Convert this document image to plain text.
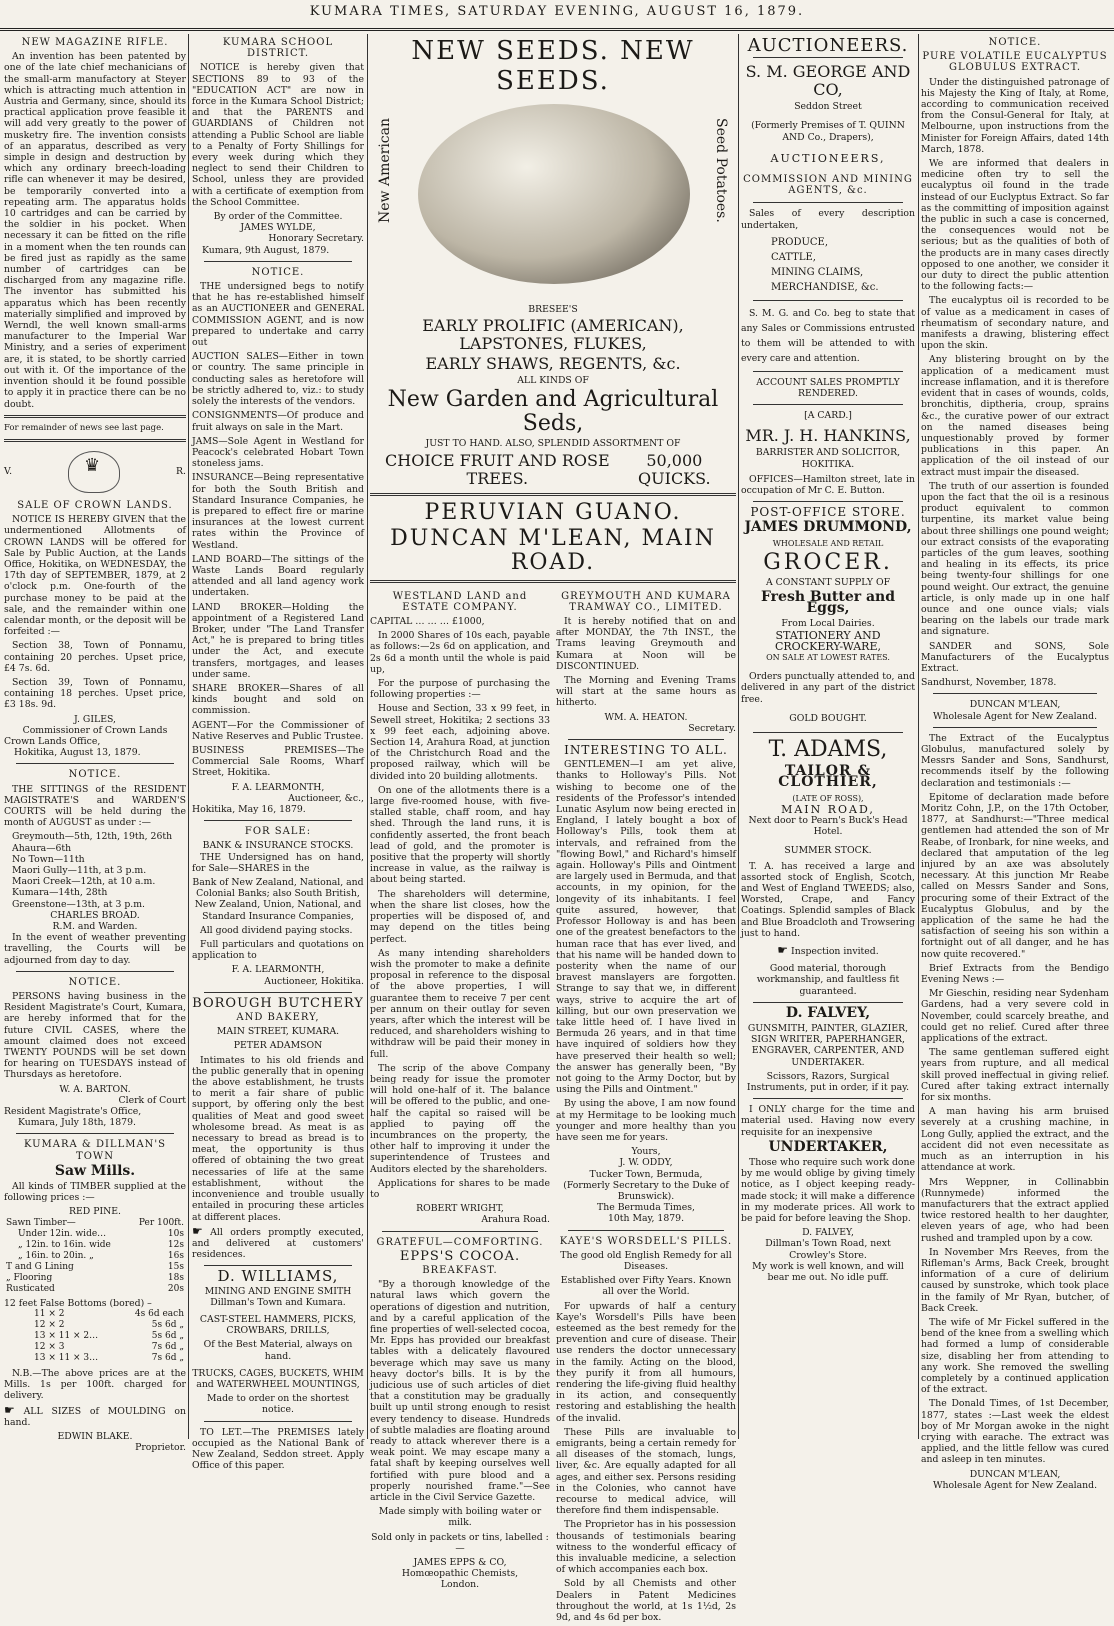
KUMARA TIMES, SATURDAY EVENING, AUGUST 16, 1879.
NEW MAGAZINE RIFLE.

An invention has been patented by one of the late chief mechanicians of the small-arm manufactory at Steyer which is attracting much attention in Austria and Germany, since, should its practical application prove feasible it will add very greatly to the power of musketry fire. The invention consists of an apparatus, described as very simple in design and destruction by which any ordinary breech-loading rifle can whenever it may be desired, be temporarily converted into a repeating arm. The apparatus holds 10 cartridges and can be carried by the soldier in his pocket. When necessary it can be fitted on the rifle in a moment when the ten rounds can be fired just as rapidly as the same number of cartridges can be discharged from any magazine rifle. The inventor has submitted his apparatus which has been recently materially simplified and improved by Werndl, the well known small-arms manufacturer to the Imperial War Ministry, and a series of experiment are, it is stated, to be shortly carried out with it. Of the importance of the invention should it be found possible to apply it in practice there can be no doubt.

For remainder of news see last page.

V. ♛	R.
SALE OF CROWN LANDS.

NOTICE IS HEREBY GIVEN that the undermentioned Allotments of CROWN LANDS will be offered for Sale by Public Auction, at the Lands Office, Hokitika, on WEDNESDAY, the 17th day of SEPTEMBER, 1879, at 2 o'clock p.m. One-fourth of the purchase money to be paid at the sale, and the remainder within one calendar month, or the deposit will be forfeited :—

Section 38, Town of Ponnamu, containing 20 perches. Upset price, £4 7s. 6d.

Section 39, Town of Ponnamu, containing 18 perches. Upset price, £3 18s. 9d.

J. GILES,
Commissioner of Crown Lands
Crown Lands Office,
Hokitika, August 13, 1879.
NOTICE.

THE SITTINGS of the RESIDENT MAGISTRATE'S and WARDEN'S COURTS will be held during the month of AUGUST as under :—

Greymouth—5th, 12th, 19th, 26th
Ahaura—6th
No Town—11th
Maori Gully—11th, at 3 p.m.
Maori Creek—12th, at 10 a.m.
Kumara—14th, 28th
Greenstone—13th, at 3 p.m.
CHARLES BROAD.
R.M. and Warden.

In the event of weather preventing travelling, the Courts will be adjourned from day to day.

NOTICE.

PERSONS having business in the Resident Magistrate's Court, Kumara, are hereby informed that for the future CIVIL CASES, where the amount claimed does not exceed TWENTY POUNDS will be set down for hearing on TUESDAYS instead of Thursdays as heretofore.

W. A. BARTON.
Clerk of Court
Resident Magistrate's Office,
Kumara, July 18th, 1879.
KUMARA & DILLMAN'S TOWN
Saw Mills.

All kinds of TIMBER supplied at the following prices :—

RED PINE.
Sawn Timber—	Per 100ft.
Under 12in. wide…	10s
„ 12in. to 16in. wide	12s
„ 16in. to 20in. „	16s
T and G Lining	15s
„ Flooring	18s
Rusticated	20s
12 feet False Bottoms (bored) –
11 × 2	4s 6d each
12 × 2	5s 6d „
13 × 11 × 2…	5s 6d „
12 × 3	7s 6d „
13 × 11 × 3…	7s 6d „

N.B.—The above prices are at the Mills. 1s per 100ft. charged for delivery.

☛ ALL SIZES of MOULDING on hand.

EDWIN BLAKE.
Proprietor.
KUMARA SCHOOL DISTRICT.

NOTICE is hereby given that SECTIONS 89 to 93 of the "EDUCATION ACT" are now in force in the Kumara School District; and that the PARENTS and GUARDIANS of Children not attending a Public School are liable to a Penalty of Forty Shillings for every week during which they neglect to send their Children to School, unless they are provided with a certificate of exemption from the School Committee.

By order of the Committee.
JAMES WYLDE,
Honorary Secretary.
Kumara, 9th August, 1879.
NOTICE.

THE undersigned begs to notify that he has re-established himself as an AUCTIONEER and GENERAL COMMISSION AGENT, and is now prepared to undertake and carry out

AUCTION SALES—Either in town or country. The same principle in conducting sales as heretofore will be strictly adhered to, viz.: to study solely the interests of the vendors.

CONSIGNMENTS—Of produce and fruit always on sale in the Mart.

JAMS—Sole Agent in Westland for Peacock's celebrated Hobart Town stoneless jams.

INSURANCE—Being representative for both the South British and Standard Insurance Companies, he is prepared to effect fire or marine insurances at the lowest current rates within the Province of Westland.

LAND BOARD—The sittings of the Waste Lands Board regularly attended and all land agency work undertaken.

LAND BROKER—Holding the appointment of a Registered Land Broker, under "The Land Transfer Act," he is prepared to bring titles under the Act, and execute transfers, mortgages, and leases under same.

SHARE BROKER—Shares of all kinds bought and sold on commission.

AGENT—For the Commissioner of Native Reserves and Public Trustee.

BUSINESS PREMISES—The Commercial Sale Rooms, Wharf Street, Hokitika.

F. A. LEARMONTH,
Auctioneer, &c.,
Hokitika, May 16, 1879.
FOR SALE:
BANK & INSURANCE STOCKS.

THE Undersigned has on hand, for Sale—SHARES in the

Bank of New Zealand, National, and Colonial Banks; also South British, New Zealand, Union, National, and Standard Insurance Companies,

All good dividend paying stocks.

Full particulars and quotations on application to

F. A. LEARMONTH,
Auctioneer, Hokitika.
BOROUGH BUTCHERY
AND BAKERY,
MAIN STREET, KUMARA.
PETER ADAMSON

Intimates to his old friends and the public generally that in opening the above establishment, he trusts to merit a fair share of public support, by offering only the best qualities of Meat and good sweet wholesome bread. As meat is as necessary to bread as bread is to meat, the opportunity is thus offered of obtaining the two great necessaries of life at the same establishment, without the inconvenience and trouble usually entailed in procuring these articles at different places.

☛ All orders promptly executed, and delivered at customers' residences.

D. WILLIAMS,
MINING AND ENGINE SMITH
Dillman's Town and Kumara.

CAST-STEEL HAMMERS, PICKS, CROWBARS, DRILLS,

Of the Best Material, always on hand.

TRUCKS, CAGES, BUCKETS, WHIM and WATERWHEEL MOUNTINGS,

Made to order on the shortest notice.

TO LET.—The PREMISES lately occupied as the National Bank of New Zealand, Seddon street. Apply Office of this paper.

NEW SEEDS. NEW SEEDS.
New American	Seed Potatoes.
BRESEE'S
EARLY PROLIFIC (AMERICAN), LAPSTONES, FLUKES,
EARLY SHAWS, REGENTS, &c.
ALL KINDS OF
New Garden and Agricultural Seds,
JUST TO HAND. ALSO, SPLENDID ASSORTMENT OF
CHOICE FRUIT AND ROSE TREES.
50,000 QUICKS.
PERUVIAN GUANO.
DUNCAN M'LEAN, MAIN ROAD.
WESTLAND LAND and ESTATE COMPANY.

CAPITAL … … … £1000,

In 2000 Shares of 10s each, payable as follows:—2s 6d on application, and 2s 6d a month until the whole is paid up,

For the purpose of purchasing the following properties :—

House and Section, 33 x 99 feet, in Sewell street, Hokitika; 2 sections 33 x 99 feet each, adjoining above. Section 14, Arahura Road, at junction of the Christchurch Road and the proposed railway, which will be divided into 20 building allotments.

On one of the allotments there is a large five-roomed house, with five-stalled stable, chaff room, and hay shed. Through the land runs, it is confidently asserted, the front beach lead of gold, and the promoter is positive that the property will shortly increase in value, as the railway is about being started.

The shareholders will determine, when the share list closes, how the properties will be disposed of, and may depend on the titles being perfect.

As many intending shareholders wish the promoter to make a definite proposal in reference to the disposal of the above properties, I will guarantee them to receive 7 per cent per annum on their outlay for seven years, after which the interest will be reduced, and shareholders wishing to withdraw will be paid their money in full.

The scrip of the above Company being ready for issue the promoter will hold one-half of it. The balance will be offered to the public, and one-half the capital so raised will be applied to paying off the incumbrances on the property, the other half to improving it under the superintendence of Trustees and Auditors elected by the shareholders.

Applications for shares to be made to

ROBERT WRIGHT,
Arahura Road.
GRATEFUL—COMFORTING.
EPPS'S COCOA.
BREAKFAST.

"By a thorough knowledge of the natural laws which govern the operations of digestion and nutrition, and by a careful application of the fine properties of well-selected cocoa, Mr. Epps has provided our breakfast tables with a delicately flavoured beverage which may save us many heavy doctor's bills. It is by the judicious use of such articles of diet that a constitution may be gradually built up until strong enough to resist every tendency to disease. Hundreds of subtle maladies are floating around ready to attack wherever there is a weak point. We may escape many a fatal shaft by keeping ourselves well fortified with pure blood and a properly nourished frame."—See article in the Civil Service Gazette.

Made simply with boiling water or milk.

Sold only in packets or tins, labelled :—

JAMES EPPS & CO,
Homœopathic Chemists,
London.
GREYMOUTH AND KUMARA TRAMWAY CO., LIMITED.

It is hereby notified that on and after MONDAY, the 7th INST., the Trams leaving Greymouth and Kumara at Noon will be DISCONTINUED.

The Morning and Evening Trams will start at the same hours as hitherto.

WM. A. HEATON.
Secretary.
INTERESTING TO ALL.

GENTLEMEN—I am yet alive, thanks to Holloway's Pills. Not wishing to become one of the residents of the Professor's intended Lunatic Asylum now being erected in England, I lately bought a box of Holloway's Pills, took them at intervals, and refrained from the "flowing Bowl," and Richard's himself again. Holloway's Pills and Ointment are largely used in Bermuda, and that accounts, in my opinion, for the longevity of its inhabitants. I feel quite assured, however, that Professor Holloway is and has been one of the greatest benefactors to the human race that has ever lived, and that his name will be handed down to posterity when the name of our bravest manslayers are forgotten. Strange to say that we, in different ways, strive to acquire the art of killing, but our own preservation we take little heed of. I have lived in Bermuda 26 years, and in that time have inquired of soldiers how they have preserved their health so well; the answer has generally been, "By not going to the Army Doctor, but by using the Pills and Ointment."

By using the above, I am now found at my Hermitage to be looking much younger and more healthy than you have seen me for years.

Yours,
J. W. ODDY,
Tucker Town, Bermuda,
(Formerly Secretary to the Duke of Brunswick).
The Bermuda Times,
10th May, 1879.
KAYE'S WORSDELL'S PILLS.

The good old English Remedy for all Diseases.

Established over Fifty Years. Known all over the World.

For upwards of half a century Kaye's Worsdell's Pills have been esteemed as the best remedy for the prevention and cure of disease. Their use renders the doctor unnecessary in the family. Acting on the blood, they purify it from all humours, rendering the life-giving fluid healthy in its action, and consequently restoring and establishing the health of the invalid.

These Pills are invaluable to emigrants, being a certain remedy for all diseases of the stomach, lungs, liver, &c. Are equally adapted for all ages, and either sex. Persons residing in the Colonies, who cannot have recourse to medical advice, will therefore find them indispensable.

The Proprietor has in his possession thousands of testimonials bearing witness to the wonderful efficacy of this invaluable medicine, a selection of which accompanies each box.

Sold by all Chemists and other Dealers in Patent Medicines throughout the world, at 1s 1½d, 2s 9d, and 4s 6d per box.

AUCTIONEERS.
S. M. GEORGE AND CO,
Seddon Street

(Formerly Premises of T. QUINN AND Co., Drapers),

AUCTIONEERS,
COMMISSION AND MINING AGENTS, &c.

Sales of every description undertaken,

PRODUCE,
CATTLE,
MINING CLAIMS,
MERCHANDISE, &c.

S. M. G. and Co. beg to state that any Sales or Commissions entrusted to them will be attended to with every care and attention.

ACCOUNT SALES PROMPTLY RENDERED.

[A CARD.]
MR. J. H. HANKINS,
BARRISTER AND SOLICITOR,
HOKITIKA.

OFFICES—Hamilton street, late in occupation of Mr C. E. Button.

POST-OFFICE STORE.
JAMES DRUMMOND,
WHOLESALE AND RETAIL
GROCER.
A CONSTANT SUPPLY OF
Fresh Butter and Eggs,
From Local Dairies.
STATIONERY AND CROCKERY-WARE,
ON SALE AT LOWEST RATES.

Orders punctually attended to, and delivered in any part of the district free.

GOLD BOUGHT.
T. ADAMS,
TAILOR & CLOTHIER,
(LATE OF ROSS),
MAIN ROAD,
Next door to Pearn's Buck's Head Hotel.
SUMMER STOCK.

T. A. has received a large and assorted stock of English, Scotch, and West of England TWEEDS; also, Worsted, Crape, and Fancy Coatings. Splendid samples of Black and Blue Broadcloth and Trowsering just to hand.

☛ Inspection invited.

Good material, thorough workmanship, and faultless fit guaranteed.

D. FALVEY,

GUNSMITH, PAINTER, GLAZIER, SIGN WRITER, PAPERHANGER, ENGRAVER, CARPENTER, AND UNDERTAKER.

Scissors, Razors, Surgical Instruments, put in order, if it pay.

I ONLY charge for the time and material used. Having now every requisite for an inexpensive

UNDERTAKER,

Those who require such work done by me would oblige by giving timely notice, as I object keeping ready-made stock; it will make a difference in my moderate prices. All work to be paid for before leaving the Shop.

D. FALVEY,
Dillman's Town Road, next Crowley's Store.

My work is well known, and will bear me out. No idle puff.

NOTICE.
PURE VOLATILE EUCALYPTUS GLOBULUS EXTRACT.

Under the distinguished patronage of his Majesty the King of Italy, at Rome, according to communication received from the Consul-General for Italy, at Melbourne, upon instructions from the Minister for Foreign Affairs, dated 14th March, 1878.

We are informed that dealers in medicine often try to sell the eucalyptus oil found in the trade instead of our Euclyptus Extract. So far as the committing of imposition against the public in such a case is concerned, the consequences would not be serious; but as the qualities of both of the products are in many cases directly opposed to one another, we consider it our duty to direct the public attention to the following facts:—

The eucalyptus oil is recorded to be of value as a medicament in cases of rheumatism of secondary nature, and manifests a drawing, blistering effect upon the skin.

Any blistering brought on by the application of a medicament must increase inflamation, and it is therefore evident that in cases of wounds, colds, bronchitis, diptheria, croup, sprains &c., the curative power of our extract on the named diseases being unquestionably proved by former publications in this paper. An application of the oil instead of our extract must impair the diseased.

The truth of our assertion is founded upon the fact that the oil is a resinous product equivalent to common turpentine, its market value being about three shillings one pound weight; our extract consists of the evaporating particles of the gum leaves, soothing and healing in its effects, its price being twenty-four shillings for one pound weight. Our extract, the genuine article, is only made up in one half ounce and one ounce vials; vials bearing on the labels our trade mark and signature.

SANDER and SONS, Sole Manufacturers of the Eucalyptus Extract.

Sandhurst, November, 1878.
DUNCAN M'LEAN,
Wholesale Agent for New Zealand.

The Extract of the Eucalyptus Globulus, manufactured solely by Messrs Sander and Sons, Sandhurst, recommends itself by the following declaration and testimonials :—

Epitome of declaration made before Moritz Cohn, J.P., on the 17th October, 1877, at Sandhurst:—"Three medical gentlemen had attended the son of Mr Reabe, of Ironbark, for nine weeks, and declared that amputation of the leg injured by an axe was absolutely necessary. At this junction Mr Reabe called on Messrs Sander and Sons, procuring some of their Extract of the Eucalyptus Globulus, and by the application of the same he had the satisfaction of seeing his son within a fortnight out of all danger, and he has now quite recovered."

Brief Extracts from the Bendigo Evening News :—

Mr Gieschin, residing near Sydenham Gardens, had a very severe cold in November, could scarcely breathe, and could get no relief. Cured after three applications of the extract.

The same gentleman suffered eight years from rupture, and all medical skill proved ineffectual in giving relief. Cured after taking extract internally for six months.

A man having his arm bruised severely at a crushing machine, in Long Gully, applied the extract, and the accident did not even necessitate as much as an interruption in his attendance at work.

Mrs Weppner, in Collinabbin (Runnymede) informed the manufacturers that the extract applied twice restored health to her daughter, eleven years of age, who had been rushed and trampled upon by a cow.

In November Mrs Reeves, from the Rifleman's Arms, Back Creek, brought information of a cure of delirium caused by sunstroke, which took place in the family of Mr Ryan, butcher, of Back Creek.

The wife of Mr Fickel suffered in the bend of the knee from a swelling which had formed a lump of considerable size, disabling her from attending to any work. She removed the swelling completely by a continued application of the extract.

The Donald Times, of 1st December, 1877, states :—Last week the eldest boy of Mr Morgan awoke in the night crying with earache. The extract was applied, and the little fellow was cured and asleep in ten minutes.

DUNCAN M'LEAN,
Wholesale Agent for New Zealand.
